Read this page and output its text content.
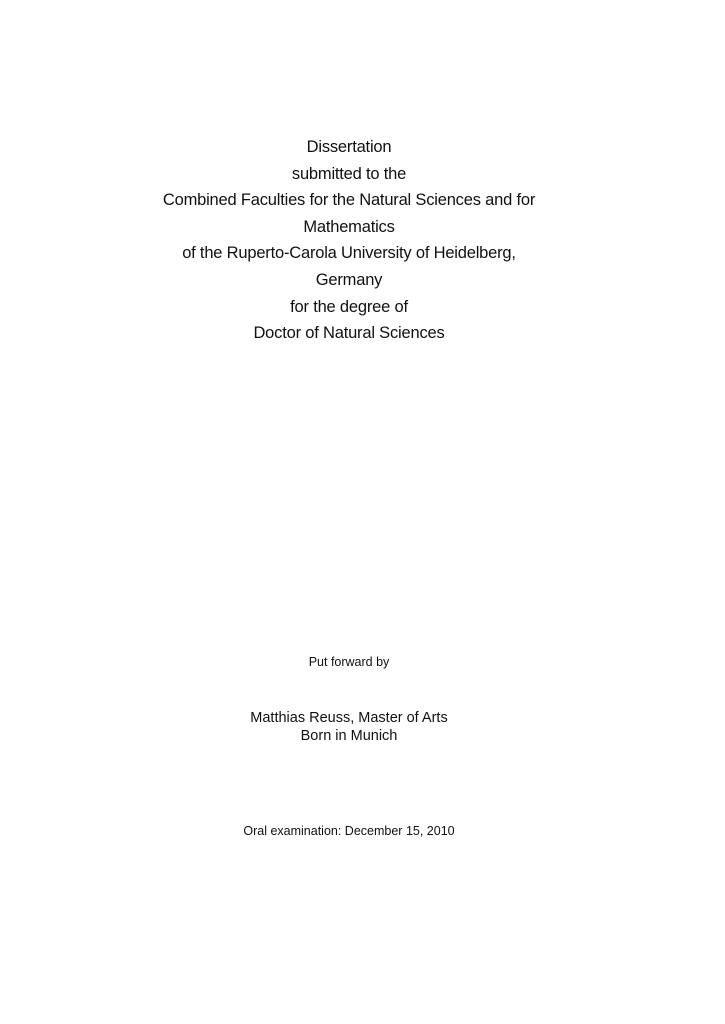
Dissertation
submitted to the
Combined Faculties for the Natural Sciences and for
Mathematics
of the Ruperto-Carola University of Heidelberg,
Germany
for the degree of
Doctor of Natural Sciences
Put forward by
Matthias Reuss, Master of Arts
Born in Munich
Oral examination: December 15, 2010
